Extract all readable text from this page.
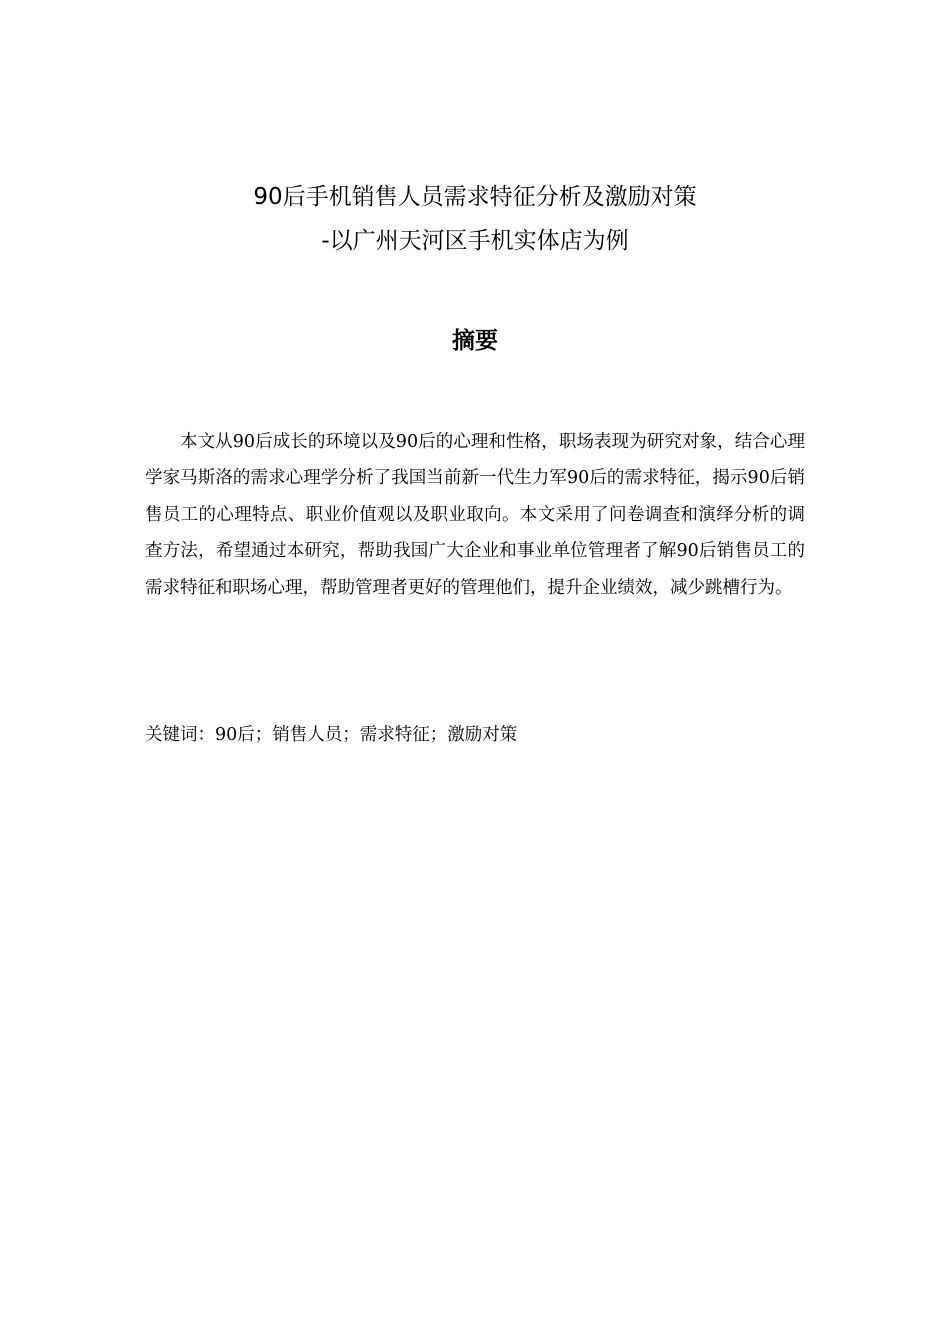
90后手机销售人员需求特征分析及激励对策
-以广州天河区手机实体店为例
摘要

本文从90后成长的环境以及90后的心理和性格，职场表现为研究对象，结合心理学家马斯洛的需求心理学分析了我国当前新一代生力军90后的需求特征，揭示90后销售员工的心理特点、职业价值观以及职业取向。本文采用了问卷调查和演绎分析的调查方法，希望通过本研究，帮助我国广大企业和事业单位管理者了解90后销售员工的需求特征和职场心理，帮助管理者更好的管理他们，提升企业绩效，减少跳槽行为。

关键词：90后；销售人员；需求特征；激励对策
